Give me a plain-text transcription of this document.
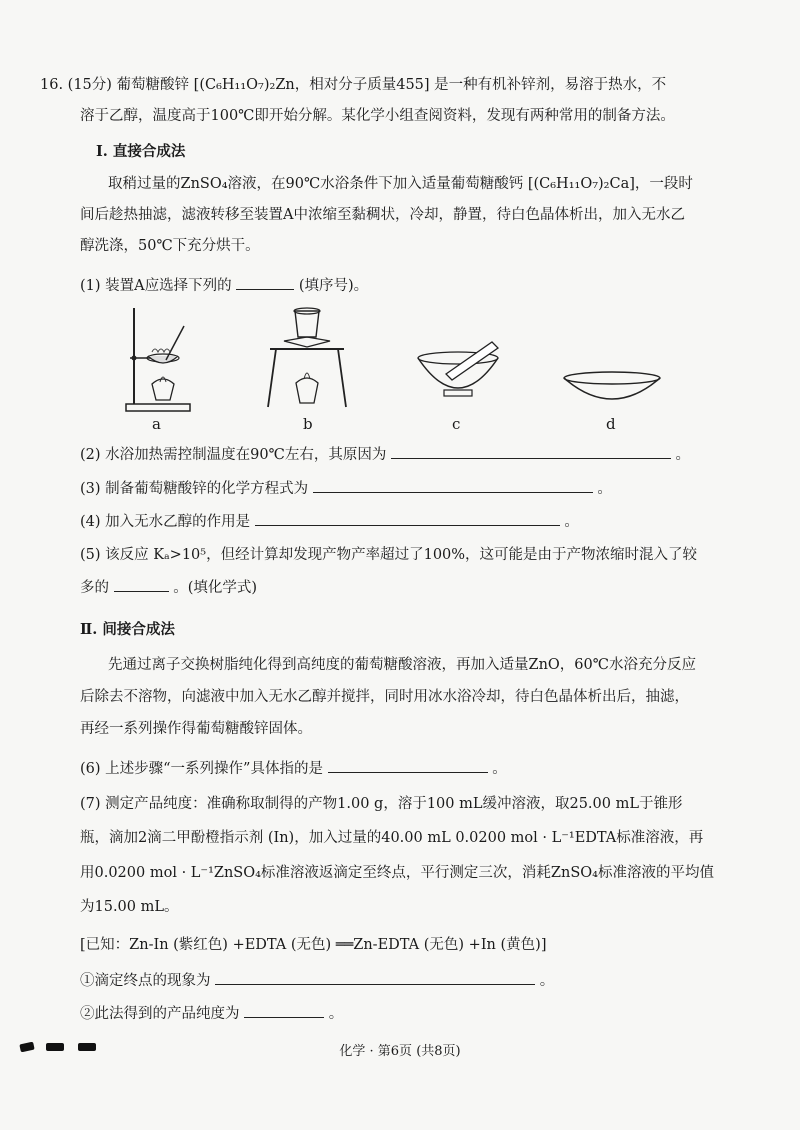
16. (15分) 葡萄糖酸锌 [(C₆H₁₁O₇)₂Zn，相对分子质量455] 是一种有机补锌剂，易溶于热水，不
溶于乙醇，温度高于100℃即开始分解。某化学小组查阅资料，发现有两种常用的制备方法。
Ⅰ. 直接合成法
取稍过量的ZnSO₄溶液，在90℃水浴条件下加入适量葡萄糖酸钙 [(C₆H₁₁O₇)₂Ca]，一段时
间后趁热抽滤，滤液转移至装置A中浓缩至黏稠状，冷却，静置，待白色晶体析出，加入无水乙
醇洗涤，50℃下充分烘干。
(1) 装置A应选择下列的	(填序号)。
a	b	c	d
(2) 水浴加热需控制温度在90℃左右，其原因为	。
(3) 制备葡萄糖酸锌的化学方程式为	。
(4) 加入无水乙醇的作用是	。
(5) 该反应 Kₐ>10⁵，但经计算却发现产物产率超过了100%，这可能是由于产物浓缩时混入了较
多的	。(填化学式)
Ⅱ. 间接合成法
先通过离子交换树脂纯化得到高纯度的葡萄糖酸溶液，再加入适量ZnO，60℃水浴充分反应
后除去不溶物，向滤液中加入无水乙醇并搅拌，同时用冰水浴冷却，待白色晶体析出后，抽滤，
再经一系列操作得葡萄糖酸锌固体。
(6) 上述步骤“一系列操作”具体指的是	。
(7) 测定产品纯度：准确称取制得的产物1.00 g，溶于100 mL缓冲溶液，取25.00 mL于锥形
瓶，滴加2滴二甲酚橙指示剂 (In)，加入过量的40.00 mL 0.0200 mol · L⁻¹EDTA标准溶液，再
用0.0200 mol · L⁻¹ZnSO₄标准溶液返滴定至终点，平行测定三次，消耗ZnSO₄标准溶液的平均值
为15.00 mL。
[已知：Zn-In (紫红色) +EDTA (无色) ══Zn-EDTA (无色) +In (黄色)]
①滴定终点的现象为	。
②此法得到的产品纯度为	。
化学 · 第6页 (共8页)
